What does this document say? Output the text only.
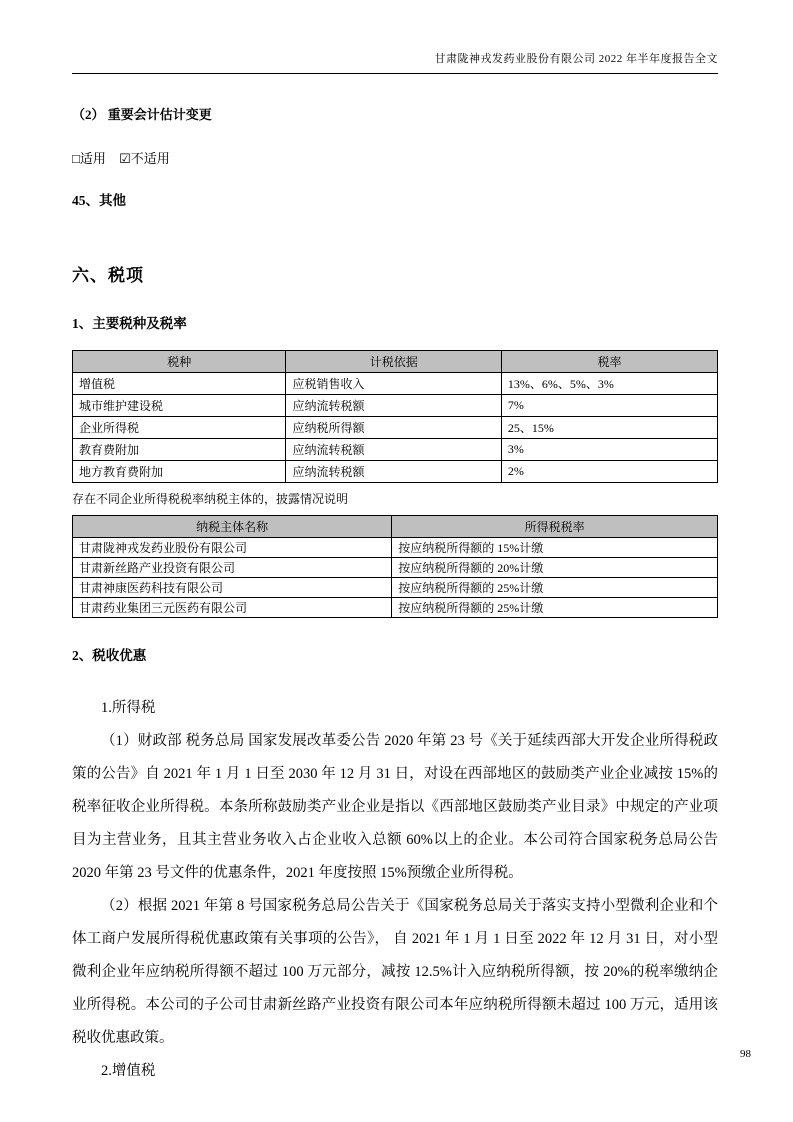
甘肃陇神戎发药业股份有限公司 2022 年半年度报告全文
（2） 重要会计估计变更

□适用 ☑不适用

45、其他
六、税项
1、主要税种及税率
税种	计税依据	税率
增值税	应税销售收入	13%、6%、5%、3%
城市维护建设税	应纳流转税额	7%
企业所得税	应纳税所得额	25、15%
教育费附加	应纳流转税额	3%
地方教育费附加	应纳流转税额	2%
存在不同企业所得税税率纳税主体的，披露情况说明
纳税主体名称	所得税税率
甘肃陇神戎发药业股份有限公司	按应纳税所得额的 15%计缴
甘肃新丝路产业投资有限公司	按应纳税所得额的 20%计缴
甘肃神康医药科技有限公司	按应纳税所得额的 25%计缴
甘肃药业集团三元医药有限公司	按应纳税所得额的 25%计缴
2、税收优惠

1.所得税

（1）财政部 税务总局 国家发展改革委公告 2020 年第 23 号《关于延续西部大开发企业所得税政策的公告》自 2021 年 1 月 1 日至 2030 年 12 月 31 日，对设在西部地区的鼓励类产业企业减按 15%的税率征收企业所得税。本条所称鼓励类产业企业是指以《西部地区鼓励类产业目录》中规定的产业项目为主营业务，且其主营业务收入占企业收入总额 60%以上的企业。本公司符合国家税务总局公告 2020 年第 23 号文件的优惠条件，2021 年度按照 15%预缴企业所得税。

（2）根据 2021 年第 8 号国家税务总局公告关于《国家税务总局关于落实支持小型微利企业和个体工商户发展所得税优惠政策有关事项的公告》， 自 2021 年 1 月 1 日至 2022 年 12 月 31 日，对小型微利企业年应纳税所得额不超过 100 万元部分，减按 12.5%计入应纳税所得额，按 20%的税率缴纳企业所得税。本公司的子公司甘肃新丝路产业投资有限公司本年应纳税所得额未超过 100 万元，适用该税收优惠政策。

2.增值税

98
